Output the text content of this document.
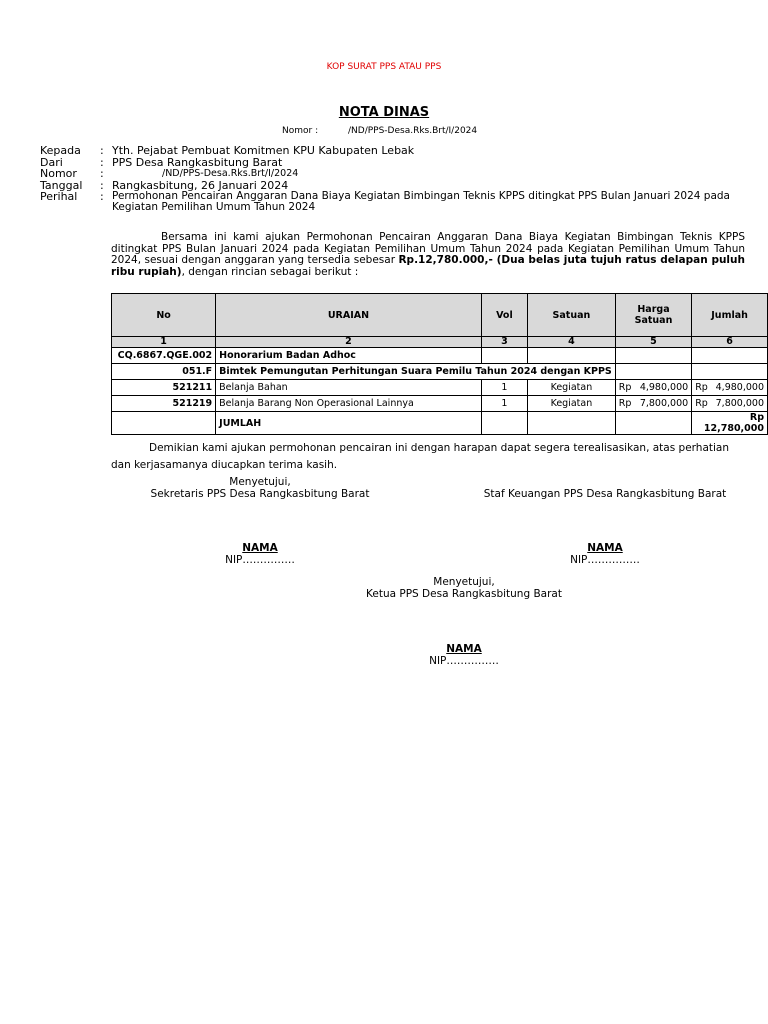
KOP SURAT PPS ATAU PPS
NOTA DINAS
Nomor :	/ND/PPS-Desa.Rks.Brt/I/2024
Kepada	: Yth. Pejabat Pembuat Komitmen KPU Kabupaten Lebak
Dari	: PPS Desa Rangkasbitung Barat
Nomor	:	/ND/PPS-Desa.Rks.Brt/I/2024
Tanggal	: Rangkasbitung, 26 Januari 2024
Perihal	: Permohonan Pencairan Anggaran Dana Biaya Kegiatan Bimbingan Teknis KPPS ditingkat PPS Bulan Januari 2024 pada Kegiatan Pemilihan Umum Tahun 2024
Bersama ini kami ajukan Permohonan Pencairan Anggaran Dana Biaya Kegiatan Bimbingan Teknis KPPS ditingkat PPS Bulan Januari 2024 pada Kegiatan Pemilihan Umum Tahun 2024 pada Kegiatan Pemilihan Umum Tahun 2024, sesuai dengan anggaran yang tersedia sebesar Rp.12,780.000,- (Dua belas juta tujuh ratus delapan puluh ribu rupiah), dengan rincian sebagai berikut :
No	URAIAN	Vol	Satuan	Harga Satuan	Jumlah
1	2	3	4	5	6
CQ.6867.QGE.002	Honorarium Badan Adhoc			

051.F	Bimtek Pemungutan Perhitungan Suara Pemilu Tahun 2024 dengan KPPS				
521211	Belanja Bahan	1	Kegiatan	Rp 4,980,000	Rp 4,980,000

521219	Belanja Barang Non Operasional Lainnya	1	Kegiatan	Rp 7,800,000	Rp 7,800,000

	JUMLAH				Rp 12,780,000
Demikian kami ajukan permohonan pencairan ini dengan harapan dapat segera terealisasikan, atas perhatian dan kerjasamanya diucapkan terima kasih.
Menyetujui,
Sekretaris PPS Desa Rangkasbitung Barat
NAMA
NIP……………
Staf Keuangan PPS Desa Rangkasbitung Barat
NAMA
NIP……………
Menyetujui,
Ketua PPS Desa Rangkasbitung Barat
NAMA
NIP……………
